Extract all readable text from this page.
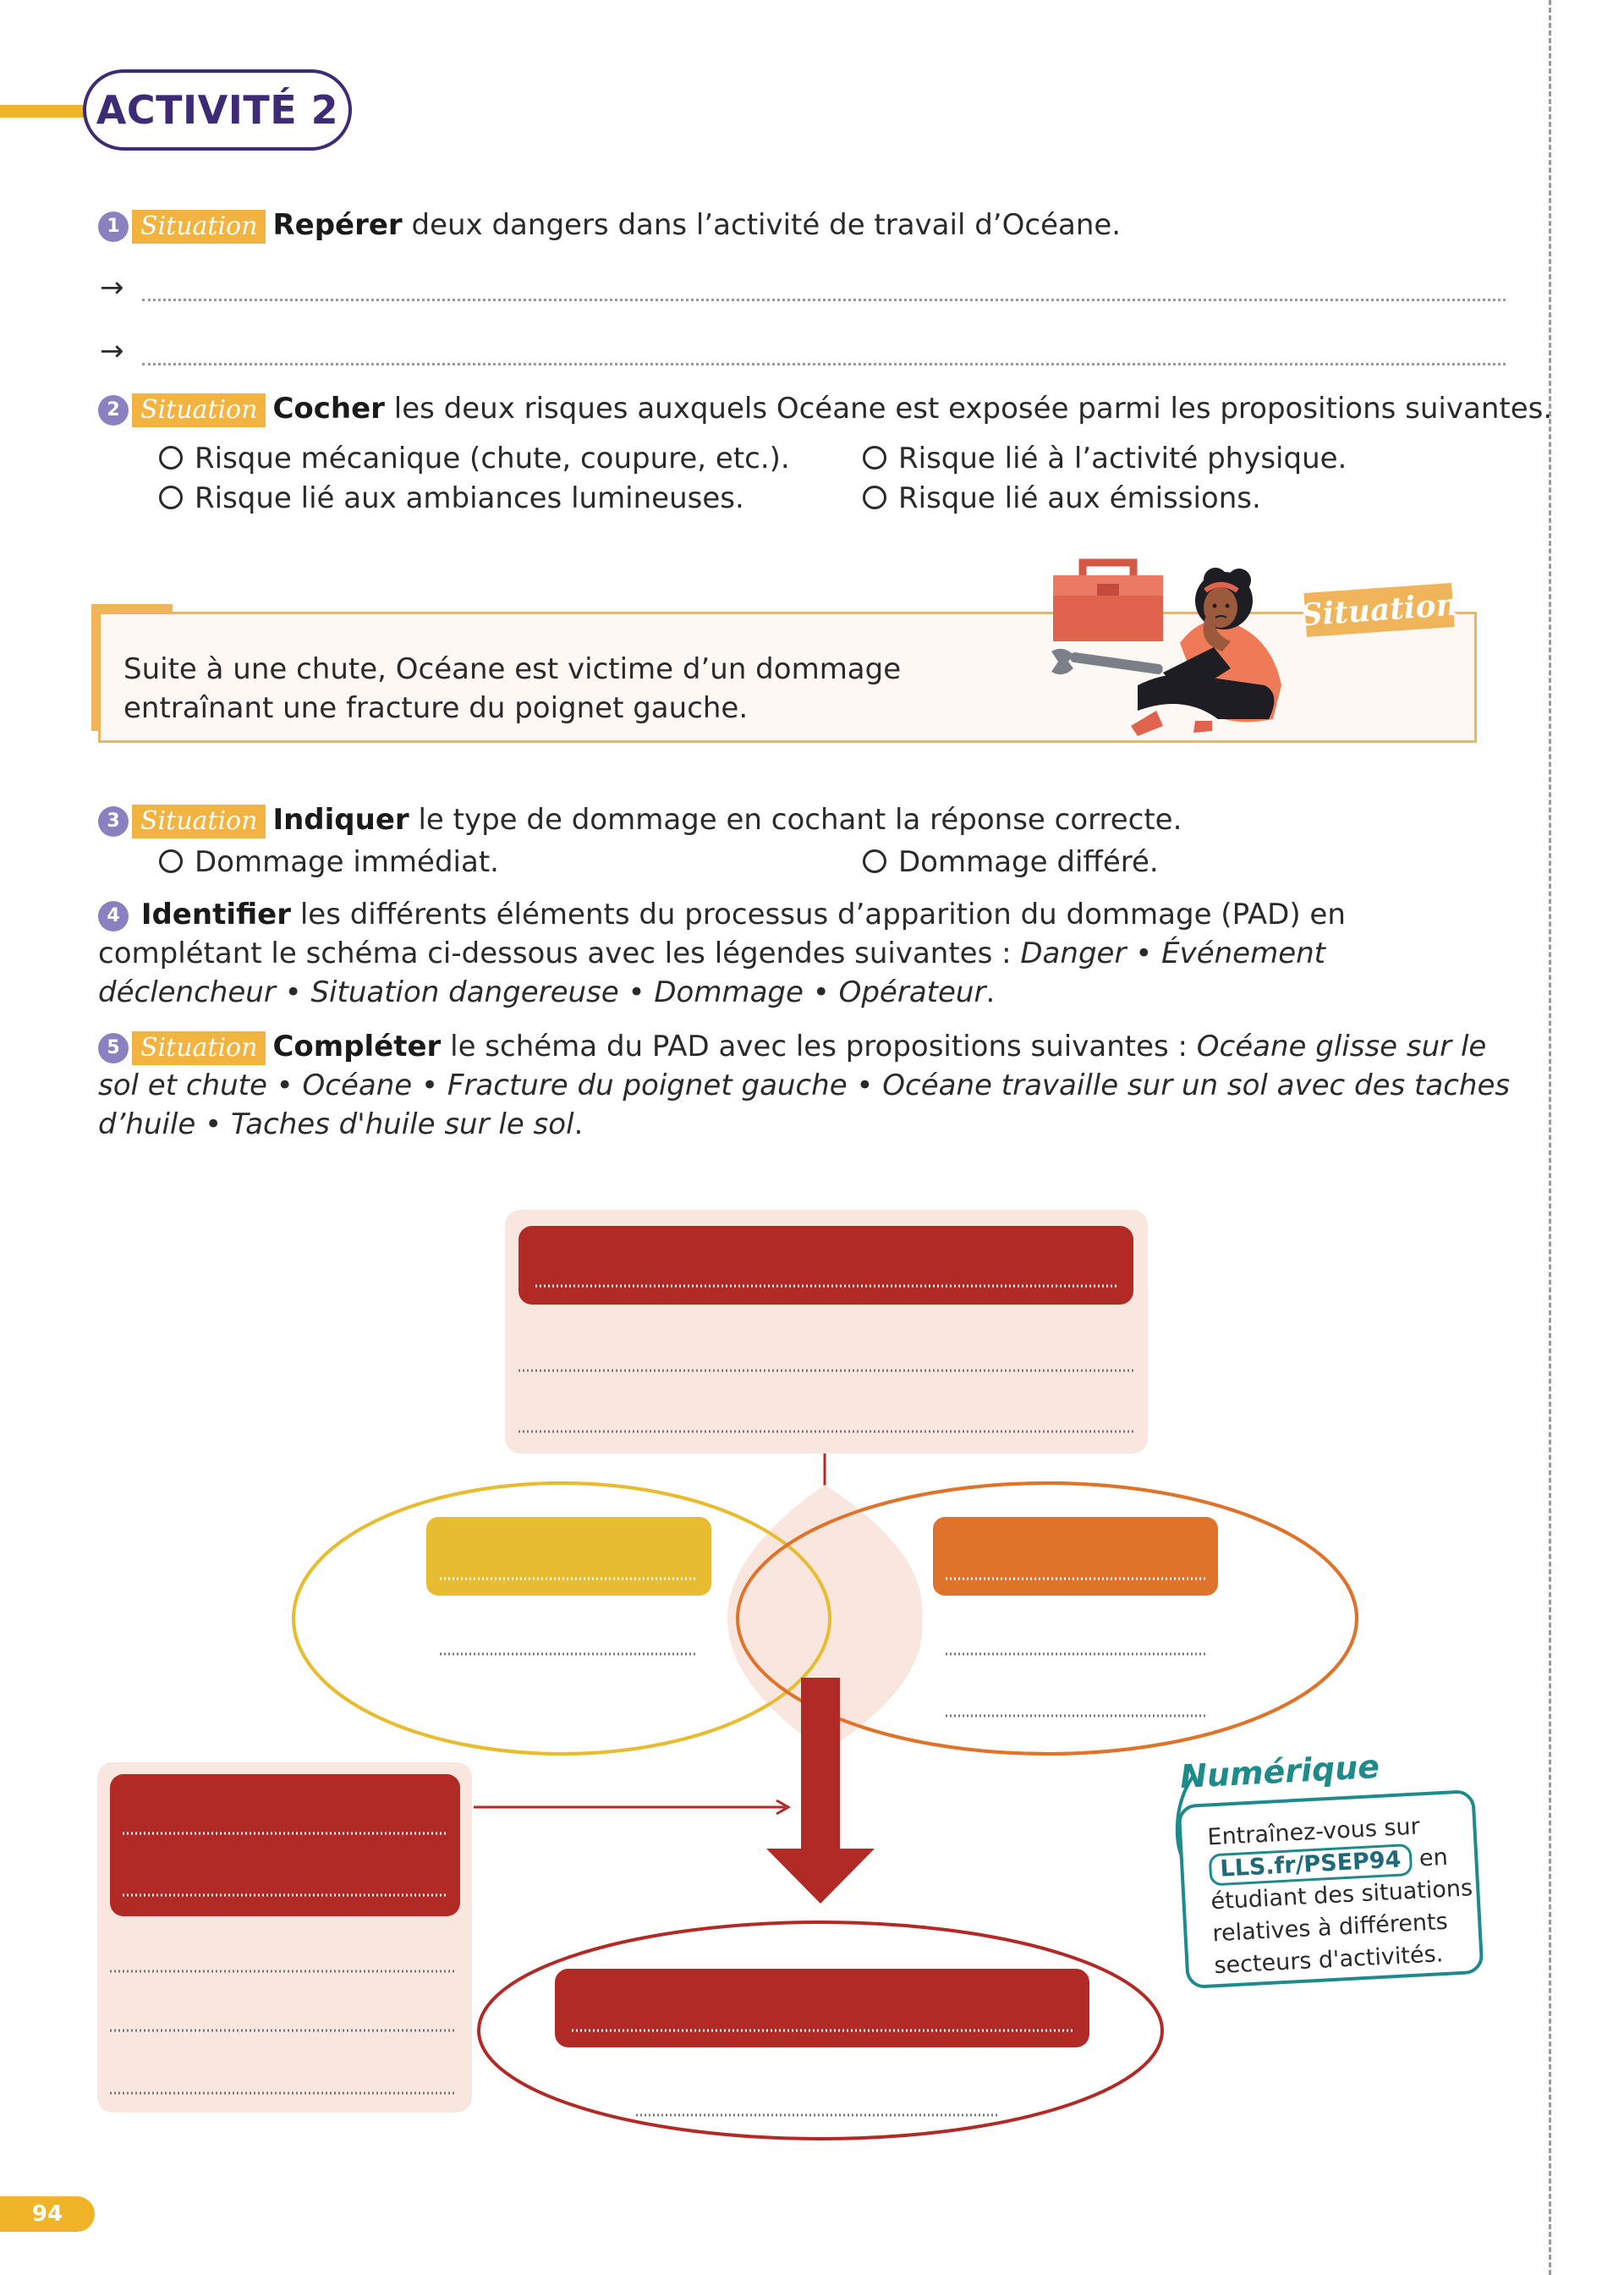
ACTIVITÉ 2
1 Situation Repérer deux dangers dans l’activité de travail d’Océane.
→
→
2 Situation Cocher les deux risques auxquels Océane est exposée parmi les propositions suivantes.
Risque mécanique (chute, coupure, etc.).	Risque lié à l’activité physique.
Risque lié aux ambiances lumineuses.	Risque lié aux émissions.
Suite à une chute, Océane est victime d’un dommage entraînant une fracture du poignet gauche.
Situation
3 Situation Indiquer le type de dommage en cochant la réponse correcte.
Dommage immédiat.	Dommage différé.
4 Identifier les différents éléments du processus d’apparition du dommage (PAD) en complétant le schéma ci-dessous avec les légendes suivantes : Danger • Événement déclencheur • Situation dangereuse • Dommage • Opérateur.
5 Situation Compléter le schéma du PAD avec les propositions suivantes : Océane glisse sur le sol et chute • Océane • Fracture du poignet gauche • Océane travaille sur un sol avec des taches d’huile • Taches d'huile sur le sol.
Numérique
Entraînez-vous sur LLS.fr/PSEP94 en étudiant des situations relatives à différents secteurs d'activités.
94
